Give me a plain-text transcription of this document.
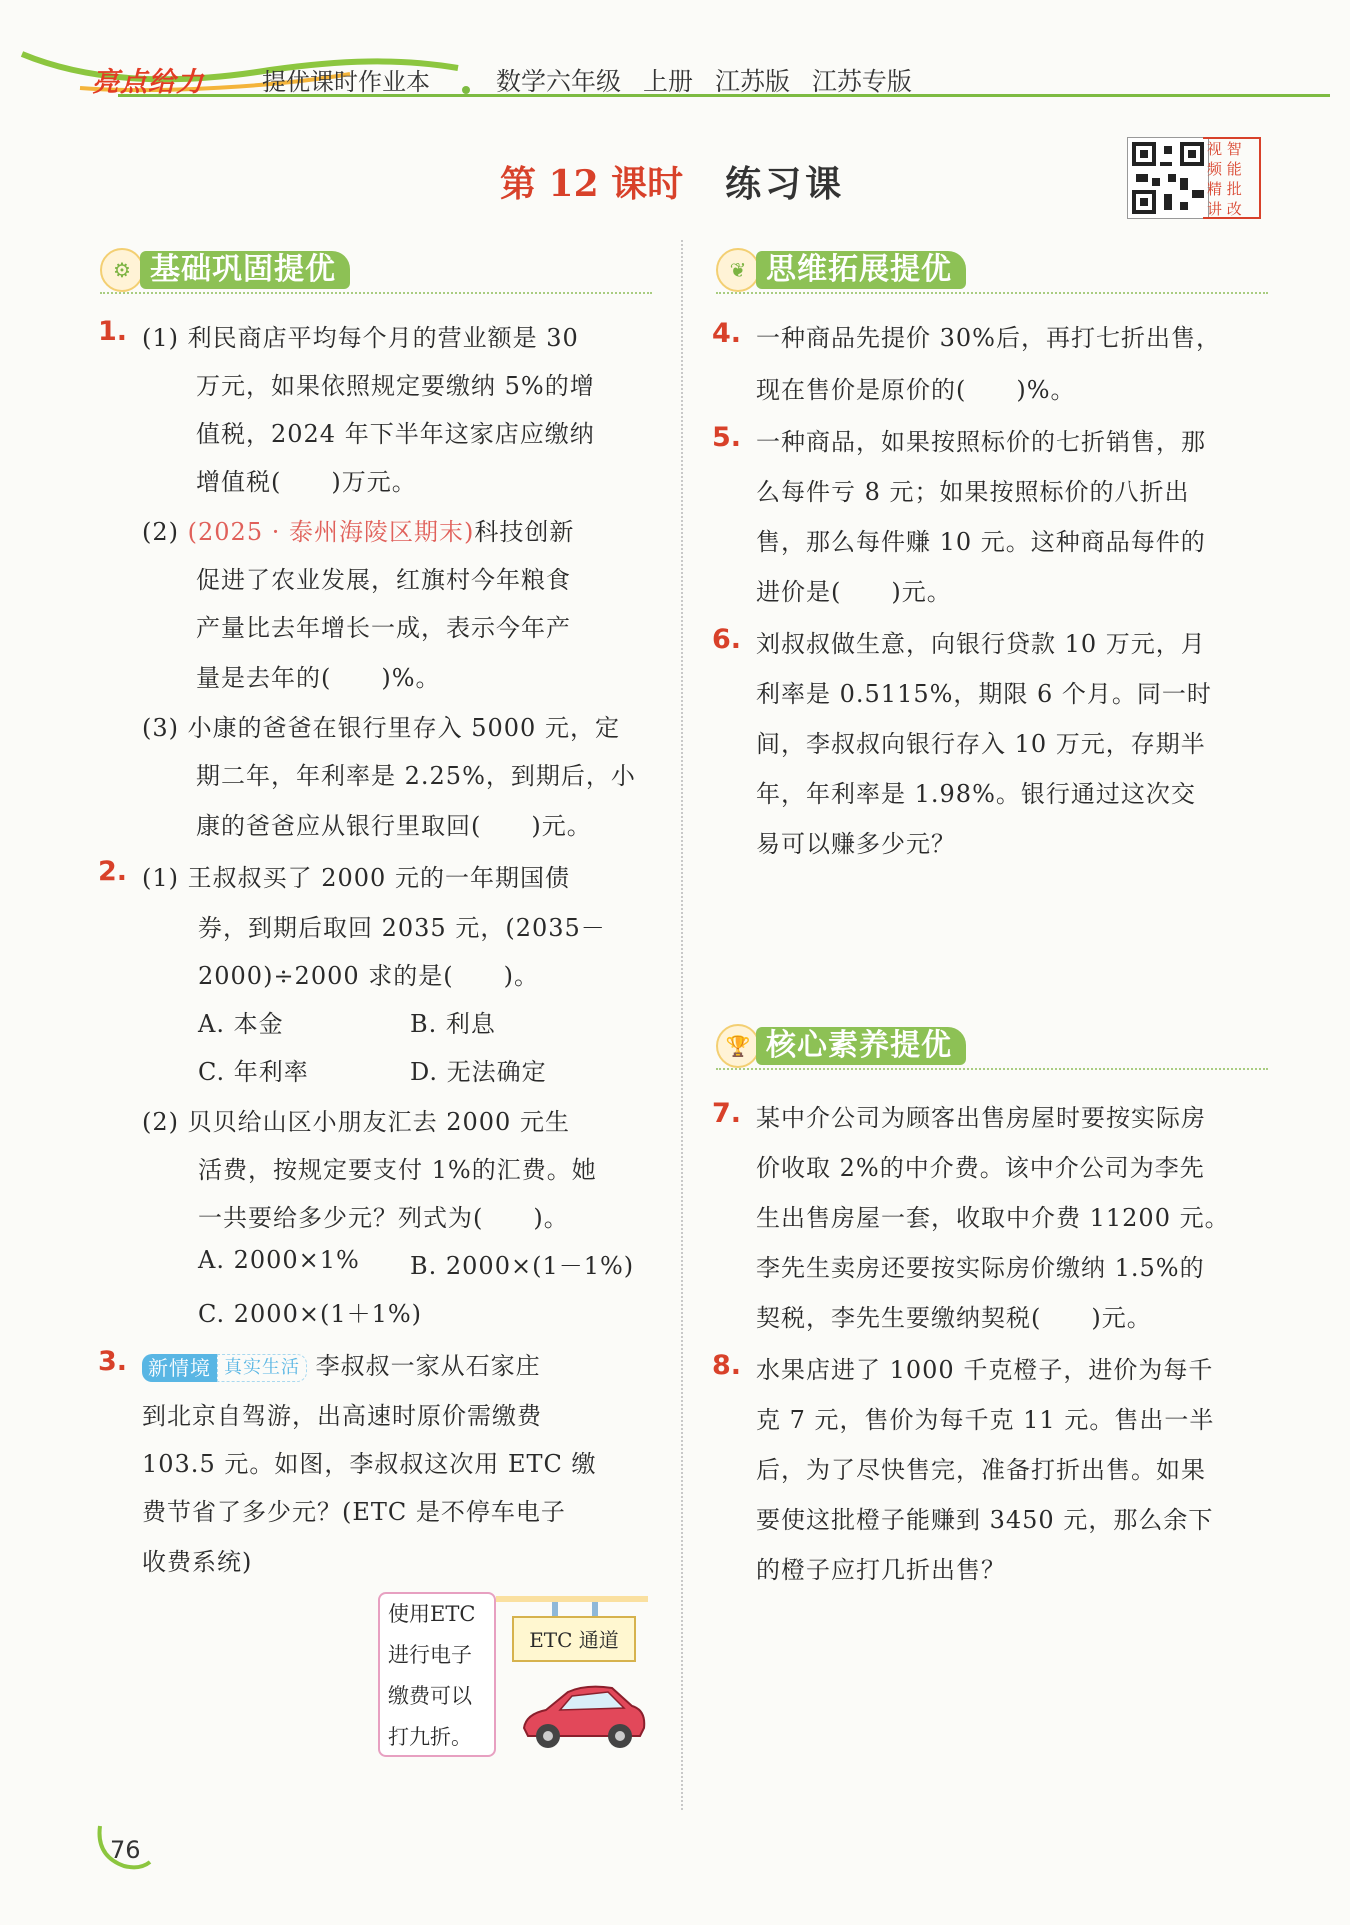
亮点给力 提优课时作业本	数学六年级 上册 江苏版 江苏专版
第 12 课时 练习课
视 智
频 能
精 批
讲 改
⚙ 基础巩固提优
1. (1) 利民商店平均每个月的营业额是 30
万元，如果依照规定要缴纳 5%的增
值税，2024 年下半年这家店应缴纳
增值税(　　)万元。
(2) (2025 · 泰州海陵区期末)科技创新
促进了农业发展，红旗村今年粮食
产量比去年增长一成，表示今年产
量是去年的(　　)%。
(3) 小康的爸爸在银行里存入 5000 元，定
期二年，年利率是 2.25%，到期后，小
康的爸爸应从银行里取回(　　)元。
2. (1) 王叔叔买了 2000 元的一年期国债
券，到期后取回 2035 元，(2035－
2000)÷2000 求的是(　　)。
A. 本金	B. 利息
C. 年利率	D. 无法确定
(2) 贝贝给山区小朋友汇去 2000 元生
活费，按规定要支付 1%的汇费。她
一共要给多少元？列式为(　　)。
A. 2000×1% B. 2000×(1－1%)
C. 2000×(1＋1%)
3.	新情境 真实生活 李叔叔一家从石家庄
到北京自驾游，出高速时原价需缴费
103.5 元。如图，李叔叔这次用 ETC 缴
费节省了多少元？(ETC 是不停车电子
收费系统)
使用ETC
进行电子
缴费可以
打九折。
ETC 通道
❦ 思维拓展提优
4. 一种商品先提价 30%后，再打七折出售，
现在售价是原价的(　　)%。
5. 一种商品，如果按照标价的七折销售，那
么每件亏 8 元；如果按照标价的八折出
售，那么每件赚 10 元。这种商品每件的
进价是(　　)元。
6. 刘叔叔做生意，向银行贷款 10 万元，月
利率是 0.5115%，期限 6 个月。同一时
间，李叔叔向银行存入 10 万元，存期半
年，年利率是 1.98%。银行通过这次交
易可以赚多少元？
🏆 核心素养提优
7. 某中介公司为顾客出售房屋时要按实际房
价收取 2%的中介费。该中介公司为李先
生出售房屋一套，收取中介费 11200 元。
李先生卖房还要按实际房价缴纳 1.5%的
契税，李先生要缴纳契税(　　)元。
8. 水果店进了 1000 千克橙子，进价为每千
克 7 元，售价为每千克 11 元。售出一半
后，为了尽快售完，准备打折出售。如果
要使这批橙子能赚到 3450 元，那么余下
的橙子应打几折出售？
76
